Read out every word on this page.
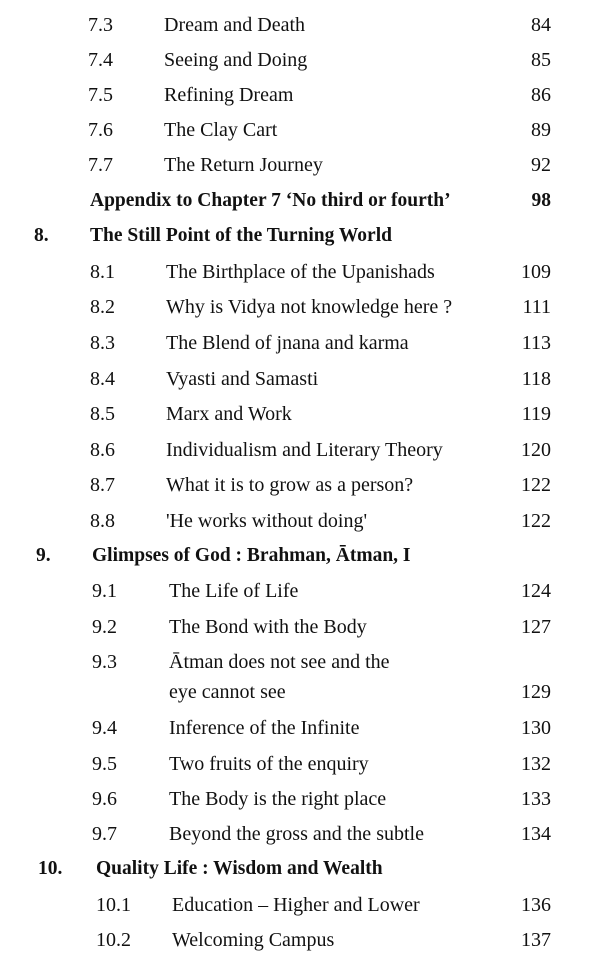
7.3	Dream and Death	84
7.4	Seeing and Doing	85
7.5	Refining Dream	86
7.6	The Clay Cart	89
7.7	The Return Journey	92
Appendix to Chapter 7 ‘No third or fourth’	98
8. The Still Point of the Turning World
8.1	The Birthplace of the Upanishads	109
8.2	Why is Vidya not knowledge here ?	111
8.3	The Blend of jnana and karma	113
8.4	Vyasti and Samasti	118
8.5	Marx and Work	119
8.6	Individualism and Literary Theory	120
8.7	What it is to grow as a person?	122
8.8	'He works without doing'	122
9. Glimpses of God : Brahman, Ātman, I
9.1	The Life of Life	124
9.2	The Bond with the Body	127
9.3	Ātman does not see and the
eye cannot see	129
9.4	Inference of the Infinite	130
9.5	Two fruits of the enquiry	132
9.6	The Body is the right place	133
9.7	Beyond the gross and the subtle	134
10. Quality Life : Wisdom and Wealth
10.1 Education – Higher and Lower	136
10.2 Welcoming Campus	137
